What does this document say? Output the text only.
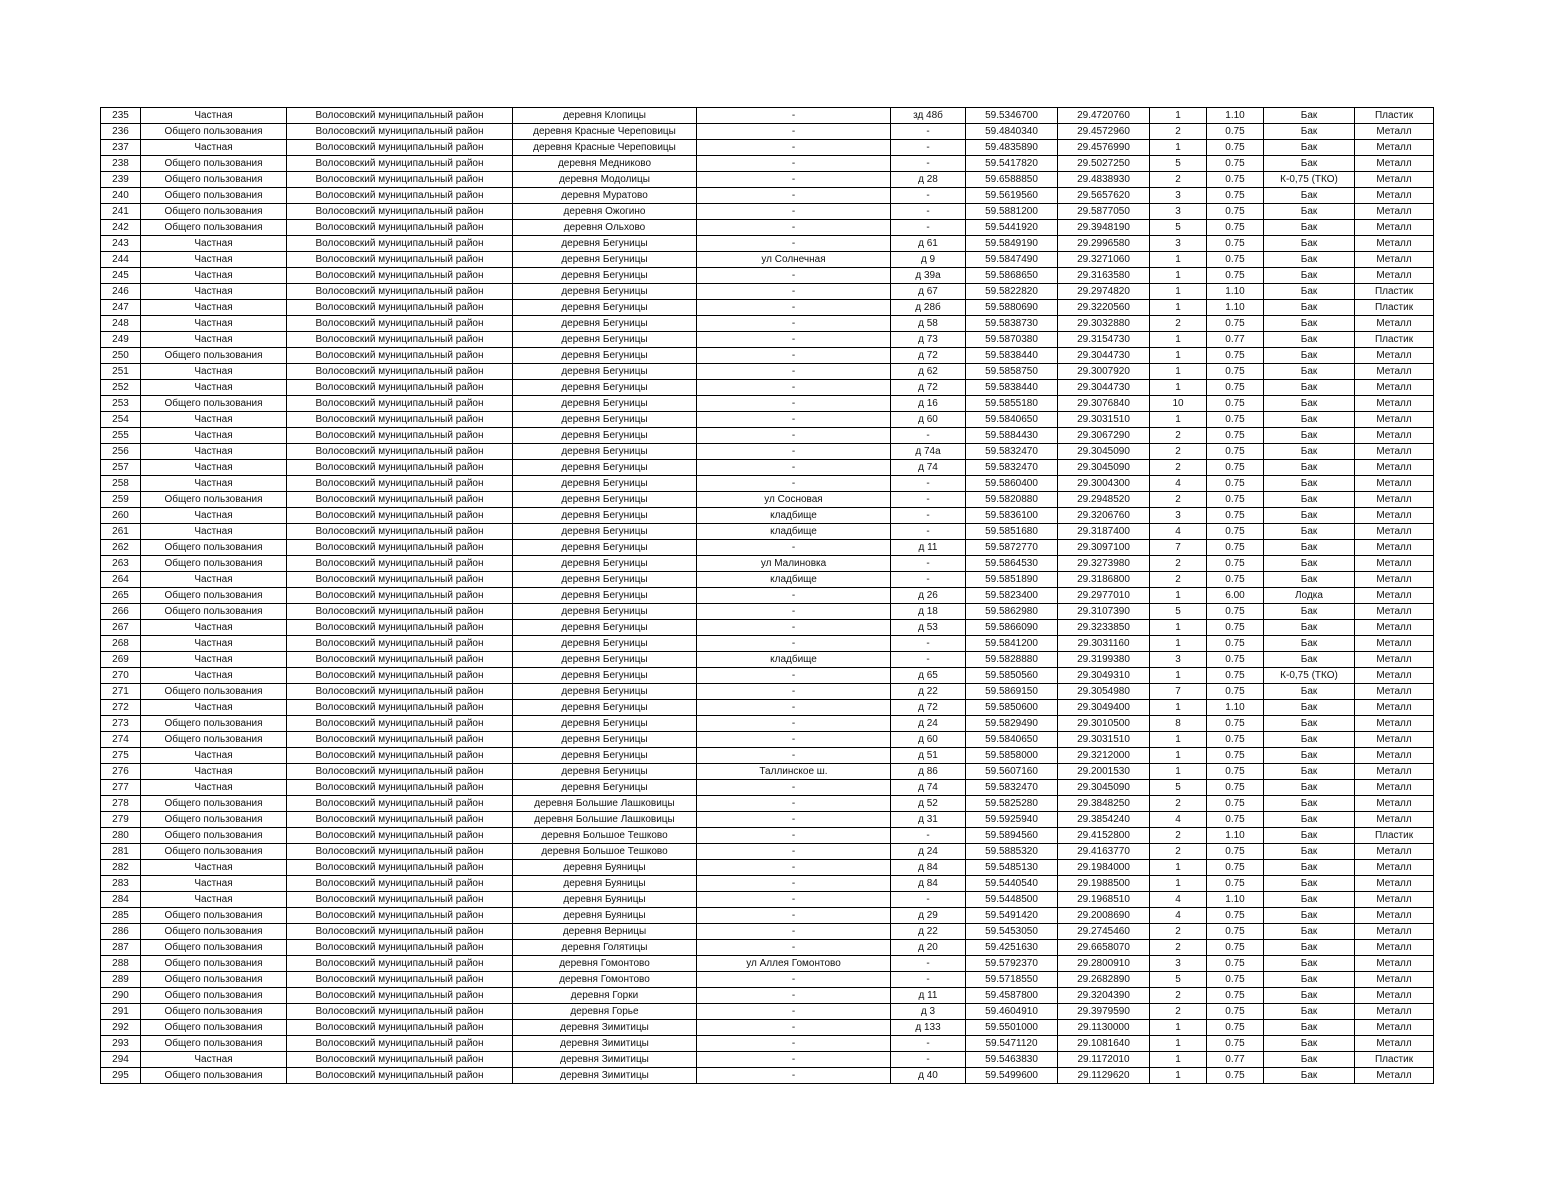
235	Частная	Волосовский муниципальный район	деревня Клопицы	-	зд 48б	59.5346700	29.4720760	1	1.10	Бак	Пластик
236	Общего пользования	Волосовский муниципальный район	деревня Красные Череповицы	-	-	59.4840340	29.4572960	2	0.75	Бак	Металл
237	Частная	Волосовский муниципальный район	деревня Красные Череповицы	-	-	59.4835890	29.4576990	1	0.75	Бак	Металл
238	Общего пользования	Волосовский муниципальный район	деревня Медниково	-	-	59.5417820	29.5027250	5	0.75	Бак	Металл
239	Общего пользования	Волосовский муниципальный район	деревня Модолицы	-	д 28	59.6588850	29.4838930	2	0.75	К-0,75 (ТКО)	Металл
240	Общего пользования	Волосовский муниципальный район	деревня Муратово	-	-	59.5619560	29.5657620	3	0.75	Бак	Металл
241	Общего пользования	Волосовский муниципальный район	деревня Ожогино	-	-	59.5881200	29.5877050	3	0.75	Бак	Металл
242	Общего пользования	Волосовский муниципальный район	деревня Ольхово	-	-	59.5441920	29.3948190	5	0.75	Бак	Металл
243	Частная	Волосовский муниципальный район	деревня Бегуницы	-	д 61	59.5849190	29.2996580	3	0.75	Бак	Металл
244	Частная	Волосовский муниципальный район	деревня Бегуницы	ул Солнечная	д 9	59.5847490	29.3271060	1	0.75	Бак	Металл
245	Частная	Волосовский муниципальный район	деревня Бегуницы	-	д 39а	59.5868650	29.3163580	1	0.75	Бак	Металл
246	Частная	Волосовский муниципальный район	деревня Бегуницы	-	д 67	59.5822820	29.2974820	1	1.10	Бак	Пластик
247	Частная	Волосовский муниципальный район	деревня Бегуницы	-	д 28б	59.5880690	29.3220560	1	1.10	Бак	Пластик
248	Частная	Волосовский муниципальный район	деревня Бегуницы	-	д 58	59.5838730	29.3032880	2	0.75	Бак	Металл
249	Частная	Волосовский муниципальный район	деревня Бегуницы	-	д 73	59.5870380	29.3154730	1	0.77	Бак	Пластик
250	Общего пользования	Волосовский муниципальный район	деревня Бегуницы	-	д 72	59.5838440	29.3044730	1	0.75	Бак	Металл
251	Частная	Волосовский муниципальный район	деревня Бегуницы	-	д 62	59.5858750	29.3007920	1	0.75	Бак	Металл
252	Частная	Волосовский муниципальный район	деревня Бегуницы	-	д 72	59.5838440	29.3044730	1	0.75	Бак	Металл
253	Общего пользования	Волосовский муниципальный район	деревня Бегуницы	-	д 16	59.5855180	29.3076840	10	0.75	Бак	Металл
254	Частная	Волосовский муниципальный район	деревня Бегуницы	-	д 60	59.5840650	29.3031510	1	0.75	Бак	Металл
255	Частная	Волосовский муниципальный район	деревня Бегуницы	-	-	59.5884430	29.3067290	2	0.75	Бак	Металл
256	Частная	Волосовский муниципальный район	деревня Бегуницы	-	д 74а	59.5832470	29.3045090	2	0.75	Бак	Металл
257	Частная	Волосовский муниципальный район	деревня Бегуницы	-	д 74	59.5832470	29.3045090	2	0.75	Бак	Металл
258	Частная	Волосовский муниципальный район	деревня Бегуницы	-	-	59.5860400	29.3004300	4	0.75	Бак	Металл
259	Общего пользования	Волосовский муниципальный район	деревня Бегуницы	ул Сосновая	-	59.5820880	29.2948520	2	0.75	Бак	Металл
260	Частная	Волосовский муниципальный район	деревня Бегуницы	кладбище	-	59.5836100	29.3206760	3	0.75	Бак	Металл
261	Частная	Волосовский муниципальный район	деревня Бегуницы	кладбище	-	59.5851680	29.3187400	4	0.75	Бак	Металл
262	Общего пользования	Волосовский муниципальный район	деревня Бегуницы	-	д 11	59.5872770	29.3097100	7	0.75	Бак	Металл
263	Общего пользования	Волосовский муниципальный район	деревня Бегуницы	ул Малиновка	-	59.5864530	29.3273980	2	0.75	Бак	Металл
264	Частная	Волосовский муниципальный район	деревня Бегуницы	кладбище	-	59.5851890	29.3186800	2	0.75	Бак	Металл
265	Общего пользования	Волосовский муниципальный район	деревня Бегуницы	-	д 26	59.5823400	29.2977010	1	6.00	Лодка	Металл
266	Общего пользования	Волосовский муниципальный район	деревня Бегуницы	-	д 18	59.5862980	29.3107390	5	0.75	Бак	Металл
267	Частная	Волосовский муниципальный район	деревня Бегуницы	-	д 53	59.5866090	29.3233850	1	0.75	Бак	Металл
268	Частная	Волосовский муниципальный район	деревня Бегуницы	-	-	59.5841200	29.3031160	1	0.75	Бак	Металл
269	Частная	Волосовский муниципальный район	деревня Бегуницы	кладбище	-	59.5828880	29.3199380	3	0.75	Бак	Металл
270	Частная	Волосовский муниципальный район	деревня Бегуницы	-	д 65	59.5850560	29.3049310	1	0.75	К-0,75 (ТКО)	Металл
271	Общего пользования	Волосовский муниципальный район	деревня Бегуницы	-	д 22	59.5869150	29.3054980	7	0.75	Бак	Металл
272	Частная	Волосовский муниципальный район	деревня Бегуницы	-	д 72	59.5850600	29.3049400	1	1.10	Бак	Металл
273	Общего пользования	Волосовский муниципальный район	деревня Бегуницы	-	д 24	59.5829490	29.3010500	8	0.75	Бак	Металл
274	Общего пользования	Волосовский муниципальный район	деревня Бегуницы	-	д 60	59.5840650	29.3031510	1	0.75	Бак	Металл
275	Частная	Волосовский муниципальный район	деревня Бегуницы	-	д 51	59.5858000	29.3212000	1	0.75	Бак	Металл
276	Частная	Волосовский муниципальный район	деревня Бегуницы	Таллинское ш.	д 86	59.5607160	29.2001530	1	0.75	Бак	Металл
277	Частная	Волосовский муниципальный район	деревня Бегуницы	-	д 74	59.5832470	29.3045090	5	0.75	Бак	Металл
278	Общего пользования	Волосовский муниципальный район	деревня Большие Лашковицы	-	д 52	59.5825280	29.3848250	2	0.75	Бак	Металл
279	Общего пользования	Волосовский муниципальный район	деревня Большие Лашковицы	-	д 31	59.5925940	29.3854240	4	0.75	Бак	Металл
280	Общего пользования	Волосовский муниципальный район	деревня Большое Тешково	-	-	59.5894560	29.4152800	2	1.10	Бак	Пластик
281	Общего пользования	Волосовский муниципальный район	деревня Большое Тешково	-	д 24	59.5885320	29.4163770	2	0.75	Бак	Металл
282	Частная	Волосовский муниципальный район	деревня Буяницы	-	д 84	59.5485130	29.1984000	1	0.75	Бак	Металл
283	Частная	Волосовский муниципальный район	деревня Буяницы	-	д 84	59.5440540	29.1988500	1	0.75	Бак	Металл
284	Частная	Волосовский муниципальный район	деревня Буяницы	-	-	59.5448500	29.1968510	4	1.10	Бак	Металл
285	Общего пользования	Волосовский муниципальный район	деревня Буяницы	-	д 29	59.5491420	29.2008690	4	0.75	Бак	Металл
286	Общего пользования	Волосовский муниципальный район	деревня Верницы	-	д 22	59.5453050	29.2745460	2	0.75	Бак	Металл
287	Общего пользования	Волосовский муниципальный район	деревня Голятицы	-	д 20	59.4251630	29.6658070	2	0.75	Бак	Металл
288	Общего пользования	Волосовский муниципальный район	деревня Гомонтово	ул Аллея Гомонтово	-	59.5792370	29.2800910	3	0.75	Бак	Металл
289	Общего пользования	Волосовский муниципальный район	деревня Гомонтово	-	-	59.5718550	29.2682890	5	0.75	Бак	Металл
290	Общего пользования	Волосовский муниципальный район	деревня Горки	-	д 11	59.4587800	29.3204390	2	0.75	Бак	Металл
291	Общего пользования	Волосовский муниципальный район	деревня Горье	-	д 3	59.4604910	29.3979590	2	0.75	Бак	Металл
292	Общего пользования	Волосовский муниципальный район	деревня Зимитицы	-	д 133	59.5501000	29.1130000	1	0.75	Бак	Металл
293	Общего пользования	Волосовский муниципальный район	деревня Зимитицы	-	-	59.5471120	29.1081640	1	0.75	Бак	Металл
294	Частная	Волосовский муниципальный район	деревня Зимитицы	-	-	59.5463830	29.1172010	1	0.77	Бак	Пластик
295	Общего пользования	Волосовский муниципальный район	деревня Зимитицы	-	д 40	59.5499600	29.1129620	1	0.75	Бак	Металл
